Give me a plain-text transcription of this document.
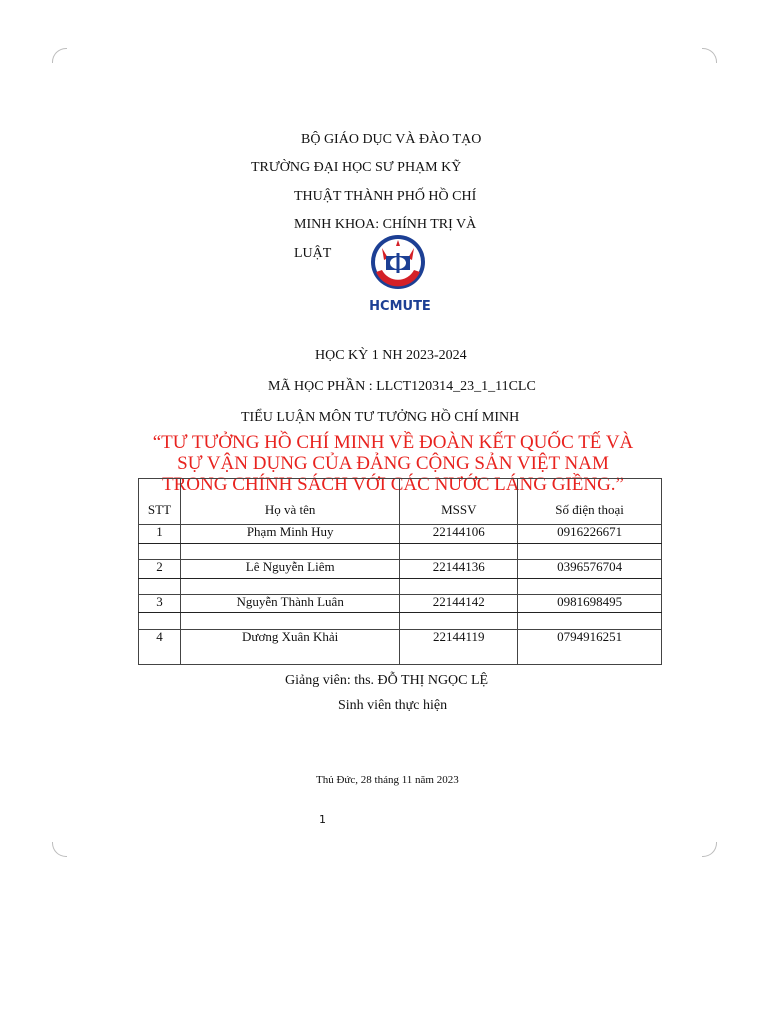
BỘ GIÁO DỤC VÀ ĐÀO TẠO
TRƯỜNG ĐẠI HỌC SƯ PHẠM KỸ
THUẬT THÀNH PHỐ HỒ CHÍ
MINH KHOA: CHÍNH TRỊ VÀ
LUẬT
HCMUTE
HỌC KỲ 1 NH 2023-2024
MÃ HỌC PHẦN : LLCT120314_23_1_11CLC
TIỂU LUẬN MÔN TƯ TƯỞNG HỒ CHÍ MINH
“TƯ TƯỞNG HỒ CHÍ MINH VỀ ĐOÀN KẾT QUỐC TẾ VÀ
SỰ VẬN DỤNG CỦA ĐẢNG CỘNG SẢN VIỆT NAM
TRONG CHÍNH SÁCH VỚI CÁC NƯỚC LÁNG GIỀNG.”
STT	Họ và tên	MSSV	Số điện thoại
1	Phạm Minh Huy	22144106	0916226671
2	Lê Nguyễn Liêm	22144136	0396576704
3	Nguyễn Thành Luân	22144142	0981698495
4	Dương Xuân Khải	22144119	0794916251
Giảng viên: ths. ĐỖ THỊ NGỌC LỆ
Sinh viên thực hiện
Thủ Đức, 28 tháng 11 năm 2023
1
